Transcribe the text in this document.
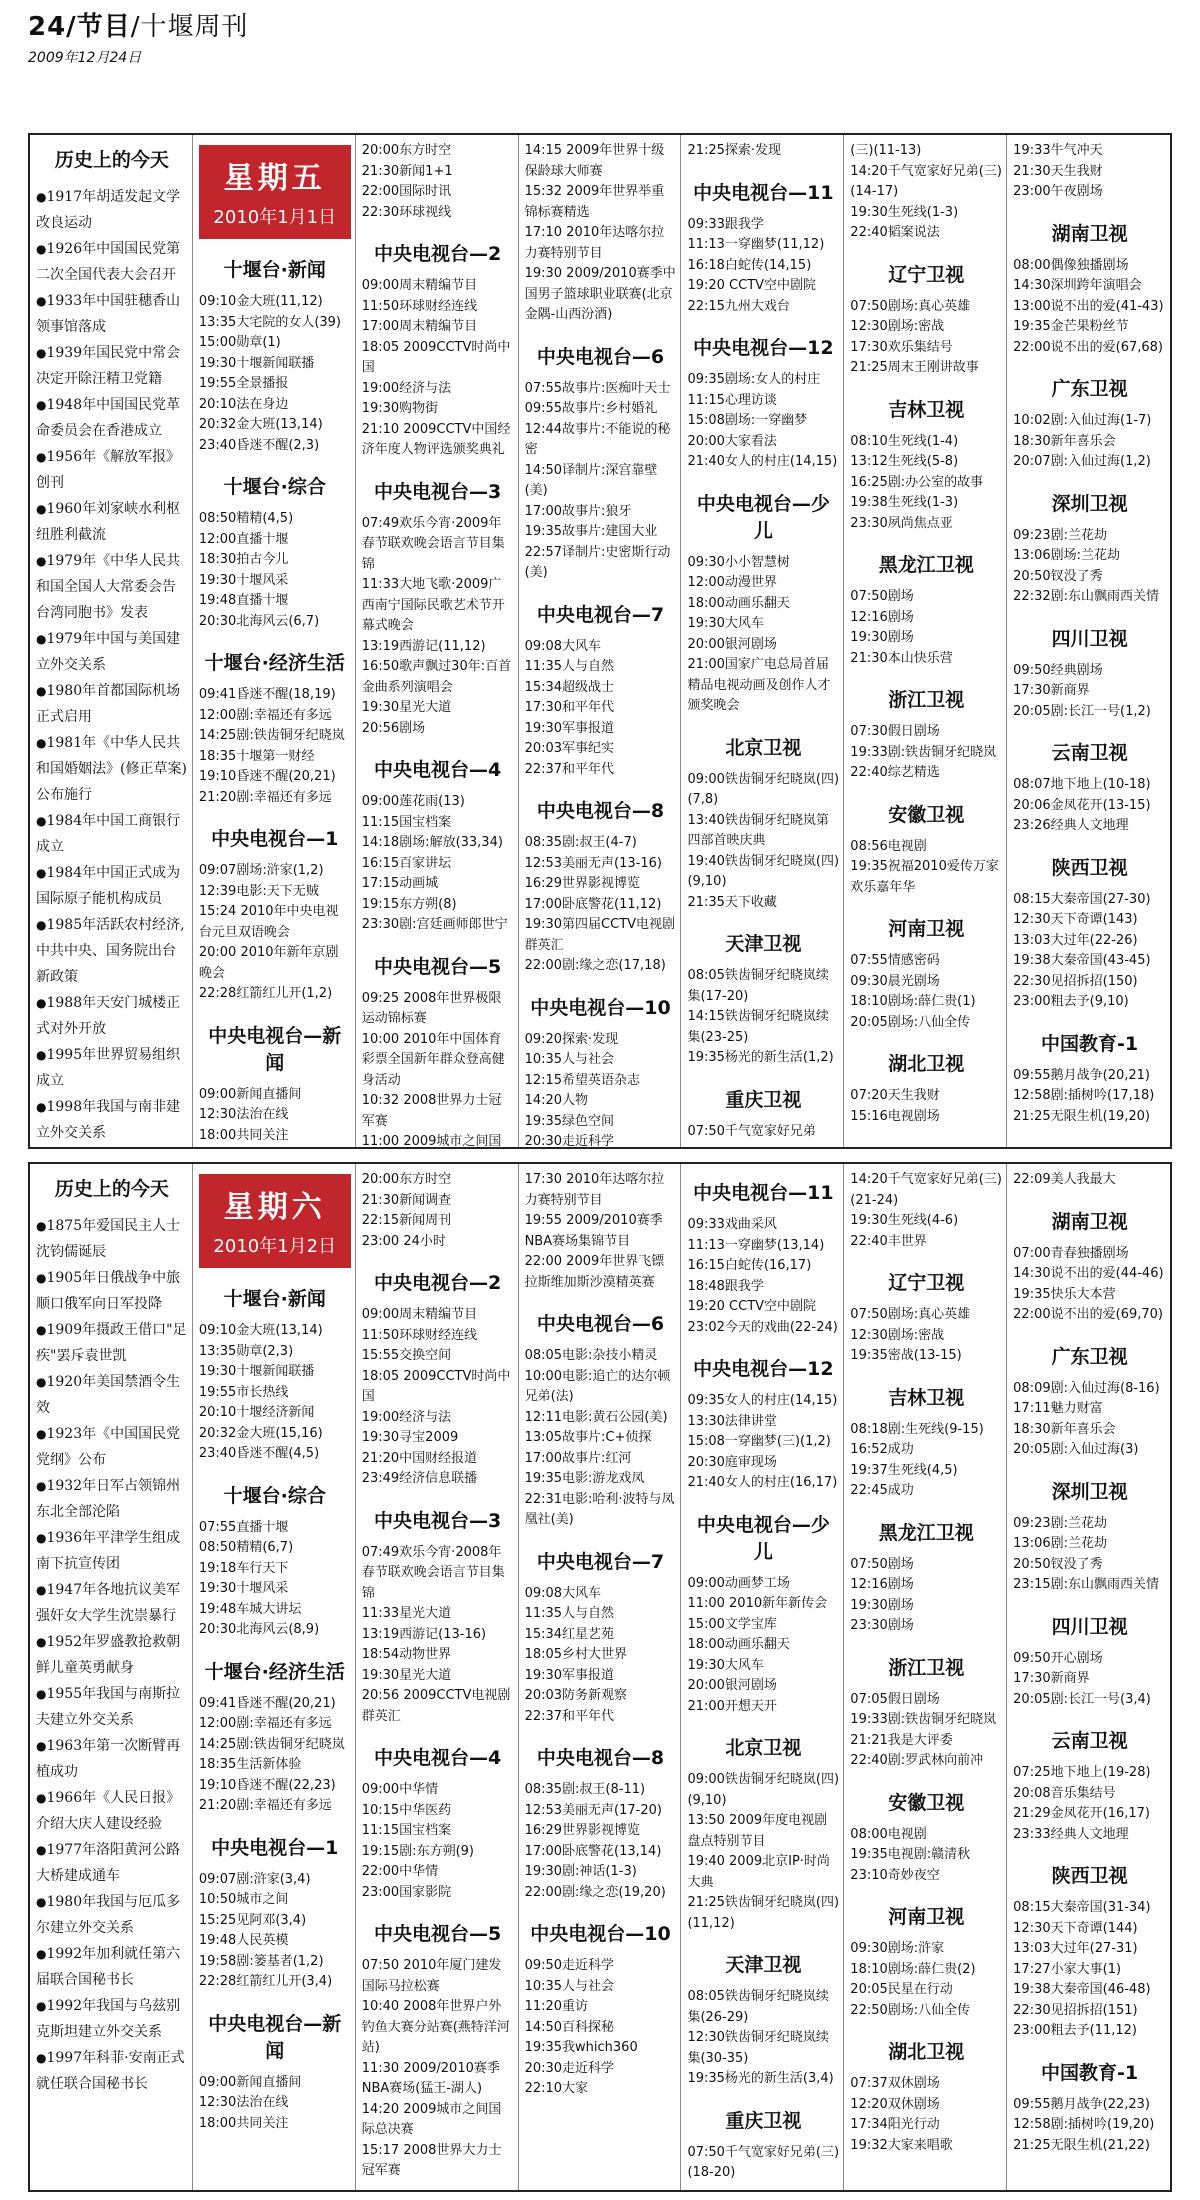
24/节目/十堰周刊
2009年12月24日
历史上的今天
●1917年胡适发起文学改良运动
●1926年中国国民党第二次全国代表大会召开
●1933年中国驻穗香山领事馆落成
●1939年国民党中常会决定开除汪精卫党籍
●1948年中国国民党革命委员会在香港成立
●1956年《解放军报》创刊
●1960年刘家峡水利枢纽胜利截流
●1979年《中华人民共和国全国人大常委会告台湾同胞书》发表
●1979年中国与美国建立外交关系
●1980年首都国际机场正式启用
●1981年《中华人民共和国婚姻法》(修正草案)公布施行
●1984年中国工商银行成立
●1984年中国正式成为国际原子能机构成员
●1985年活跃农村经济,中共中央、国务院出台新政策
●1988年天安门城楼正式对外开放
●1995年世界贸易组织成立
●1998年我国与南非建立外交关系
星期五
2010年1月1日
十堰台·新闻
09:10金大班(11,12)
13:35大宅院的女人(39)
15:00勋章(1)
19:30十堰新闻联播
19:55全景播报
20:10法在身边
20:32金大班(13,14)
23:40昏迷不醒(2,3)
十堰台·综合
08:50精精(4,5)
12:00直播十堰
18:30拍古今儿
19:30十堰风采
19:48直播十堰
20:30北海风云(6,7)
十堰台·经济生活
09:41昏迷不醒(18,19)
12:00剧:幸福还有多远
14:25剧:铁齿铜牙纪晓岚
18:35十堰第一财经
19:10昏迷不醒(20,21)
21:20剧:幸福还有多远
中央电视台—1
09:07剧场:浒家(1,2)
12:39电影:天下无贼
15:24 2010年中央电视台元旦双语晚会
20:00 2010年新年京剧晚会
22:28红箭红儿开(1,2)
中央电视台—新闻
09:00新闻直播间
12:30法治在线
18:00共同关注
20:00东方时空
21:30新闻1+1
22:00国际时讯
22:30环球视线
中央电视台—2
09:00周末精编节目
11:50环球财经连线
17:00周末精编节目
18:05 2009CCTV时尚中国
19:00经济与法
19:30购物街
21:10 2009CCTV中国经济年度人物评选颁奖典礼
中央电视台—3
07:49欢乐今宵·2009年春节联欢晚会语言节目集锦
11:33大地飞歌·2009广西南宁国际民歌艺术节开幕式晚会
13:19西游记(11,12)
16:50歌声飘过30年:百首金曲系列演唱会
19:30星光大道
20:56剧场
中央电视台—4
09:00莲花雨(13)
11:15国宝档案
14:18剧场:解放(33,34)
16:15百家讲坛
17:15动画城
19:15东方朔(8)
23:30剧:宫廷画师郎世宁
中央电视台—5
09:25 2008年世界极限运动锦标赛
10:00 2010年中国体育彩票全国新年群众登高健身活动
10:32 2008世界力士冠军赛
11:00 2009城市之间国
14:15 2009年世界十级保龄球大师赛
15:32 2009年世界举重锦标赛精选
17:10 2010年达喀尔拉力赛特别节目
19:30 2009/2010赛季中国男子篮球职业联赛(北京金隅-山西汾酒)
中央电视台—6
07:55故事片:医痴叶天士
09:55故事片:乡村婚礼
12:44故事片:不能说的秘密
14:50译制片:深宫靠壁(美)
17:00故事片:狼牙
19:35故事片:建国大业
22:57译制片:史密斯行动(美)
中央电视台—7
09:08大风车
11:35人与自然
15:34超级战士
17:30和平年代
19:30军事报道
20:03军事纪实
22:37和平年代
中央电视台—8
08:35剧:叔王(4-7)
12:53美丽无声(13-16)
16:29世界影视博览
17:00卧底警花(11,12)
19:30第四届CCTV电视剧群英汇
22:00剧:缘之恋(17,18)
中央电视台—10
09:20探索·发现
10:35人与社会
12:15希望英语杂志
14:20人物
19:35绿色空间
20:30走近科学
21:25探索·发现
中央电视台—11
09:33跟我学
11:13一穿幽梦(11,12)
16:18白蛇传(14,15)
19:20 CCTV空中剧院
22:15九州大戏台
中央电视台—12
09:35剧场:女人的村庄
11:15心理访谈
15:08剧场:一穿幽梦
20:00大家看法
21:40女人的村庄(14,15)
中央电视台—少儿
09:30小小智慧树
12:00动漫世界
18:00动画乐翻天
19:30大风车
20:00银河剧场
21:00国家广电总局首届精品电视动画及创作人才颁奖晚会
北京卫视
09:00铁齿铜牙纪晓岚(四)(7,8)
13:40铁齿铜牙纪晓岚第四部首映庆典
19:40铁齿铜牙纪晓岚(四)(9,10)
21:35天下收藏
天津卫视
08:05铁齿铜牙纪晓岚续集(17-20)
14:15铁齿铜牙纪晓岚续集(23-25)
19:35杨光的新生活(1,2)
重庆卫视
07:50千气宽家好兄弟
(三)(11-13)
14:20千气宽家好兄弟(三)(14-17)
19:30生死线(1-3)
22:40韬案说法
辽宁卫视
07:50剧场:真心英雄
12:30剧场:密战
17:30欢乐集结号
21:25周末王刚讲故事
吉林卫视
08:10生死线(1-4)
13:12生死线(5-8)
16:25剧:办公室的故事
19:38生死线(1-3)
23:30夙尚焦点亚
黑龙江卫视
07:50剧场
12:16剧场
19:30剧场
21:30本山快乐营
浙江卫视
07:30假日剧场
19:33剧:铁齿铜牙纪晓岚
22:40综艺精选
安徽卫视
08:56电视剧
19:35祝福2010爱传万家欢乐嘉年华
河南卫视
07:55情感密码
09:30晨光剧场
18:10剧场:薛仁贵(1)
20:05剧场:八仙全传
湖北卫视
07:20天生我财
15:16电视剧场
19:33牛气冲天
21:30天生我财
23:00午夜剧场
湖南卫视
08:00偶像独播剧场
14:30深圳跨年演唱会
13:00说不出的爱(41-43)
19:35金芒果粉丝节
22:00说不出的爱(67,68)
广东卫视
10:02剧:入仙过海(1-7)
18:30新年喜乐会
20:07剧:入仙过海(1,2)
深圳卫视
09:23剧:兰花劫
13:06剧场:兰花劫
20:50钗没了秀
22:32剧:东山飘雨西关情
四川卫视
09:50经典剧场
17:30新商界
20:05剧:长江一号(1,2)
云南卫视
08:07地下地上(10-18)
20:06金凤花开(13-15)
23:26经典人文地理
陕西卫视
08:15大秦帝国(27-30)
12:30天下奇谭(143)
13:03大过年(22-26)
19:38大秦帝国(43-45)
22:30见招拆招(150)
23:00粗去予(9,10)
中国教育-1
09:55鹅月战争(20,21)
12:58剧:插树吟(17,18)
21:25无限生机(19,20)
历史上的今天
●1875年爱国民主人士沈钧儒诞辰
●1905年日俄战争中旅顺口俄军向日军投降
●1909年摄政王借口"足疾"罢斥袁世凯
●1920年美国禁酒令生效
●1923年《中国国民党党纲》公布
●1932年日军占领锦州东北全部沦陷
●1936年平津学生组成南下抗宣传团
●1947年各地抗议美军强奸女大学生沈崇暴行
●1952年罗盛教抢救朝鲜儿童英勇献身
●1955年我国与南斯拉夫建立外交关系
●1963年第一次断臂再植成功
●1966年《人民日报》介绍大庆人建设经验
●1977年洛阳黄河公路大桥建成通车
●1980年我国与厄瓜多尔建立外交关系
●1992年加利就任第六届联合国秘书长
●1992年我国与乌兹别克斯坦建立外交关系
●1997年科菲·安南正式就任联合国秘书长
星期六
2010年1月2日
十堰台·新闻
09:10金大班(13,14)
13:35勋章(2,3)
19:30十堰新闻联播
19:55市长热线
20:10十堰经济新闻
20:32金大班(15,16)
23:40昏迷不醒(4,5)
十堰台·综合
07:55直播十堰
08:50精精(6,7)
19:18车行天下
19:30十堰风采
19:48车城大讲坛
20:30北海风云(8,9)
十堰台·经济生活
09:41昏迷不醒(20,21)
12:00剧:幸福还有多远
14:25剧:铁齿铜牙纪晓岚
18:35生活新体验
19:10昏迷不醒(22,23)
21:20剧:幸福还有多远
中央电视台—1
09:07剧:浒家(3,4)
10:50城市之间
15:25见阿邓(3,4)
19:48人民英模
19:58剧:篓基者(1,2)
22:28红箭红儿开(3,4)
中央电视台—新闻
09:00新闻直播间
12:30法治在线
18:00共同关注
20:00东方时空
21:30新闻调查
22:15新闻周刊
23:00 24小时
中央电视台—2
09:00周末精编节目
11:50环球财经连线
15:55交换空间
18:05 2009CCTV时尚中国
19:00经济与法
19:30寻宝2009
21:20中国财经报道
23:49经济信息联播
中央电视台—3
07:49欢乐今宵·2008年春节联欢晚会语言节目集锦
11:33星光大道
13:19西游记(13-16)
18:54动物世界
19:30星光大道
20:56 2009CCTV电视剧群英汇
中央电视台—4
09:00中华情
10:15中华医药
11:15国宝档案
19:15剧:东方朔(9)
22:00中华情
23:00国家影院
中央电视台—5
07:50 2010年厦门建发国际马拉松赛
10:40 2008年世界户外钓鱼大赛分站赛(燕特洋河站)
11:30 2009/2010赛季NBA赛场(猛王-湖人)
14:20 2009城市之间国际总决赛
15:17 2008世界大力士冠军赛
17:30 2010年达喀尔拉力赛特别节目
19:55 2009/2010赛季NBA赛场集锦节目
22:00 2009年世界飞镖拉斯维加斯沙漠精英赛
中央电视台—6
08:05电影:杂技小精灵
10:00电影:追亡的达尔顿兄弟(法)
12:11电影:黄石公园(美)
13:05故事片:C+侦探
17:00故事片:红河
19:35电影:游龙戏凤
22:31电影:哈利·波特与凤凰社(美)
中央电视台—7
09:08大风车
11:35人与自然
15:34红星艺苑
18:05乡村大世界
19:30军事报道
20:03防务新观察
22:37和平年代
中央电视台—8
08:35剧:叔王(8-11)
12:53美丽无声(17-20)
16:29世界影视博览
17:00卧底警花(13,14)
19:30剧:神话(1-3)
22:00剧:缘之恋(19,20)
中央电视台—10
09:50走近科学
10:35人与社会
11:20重访
14:50百科探秘
19:35我which360
20:30走近科学
22:10大家
中央电视台—11
09:33戏曲采风
11:13一穿幽梦(13,14)
16:15白蛇传(16,17)
18:48跟我学
19:20 CCTV空中剧院
23:02今天的戏曲(22-24)
中央电视台—12
09:35女人的村庄(14,15)
13:30法律讲堂
15:08一穿幽梦(三)(1,2)
20:30庭审现场
21:40女人的村庄(16,17)
中央电视台—少儿
09:00动画梦工场
11:00 2010新年新传会
15:00文学宝库
18:00动画乐翻天
19:30大风车
20:00银河剧场
21:00开想天开
北京卫视
09:00铁齿铜牙纪晓岚(四)(9,10)
13:50 2009年度电视剧盘点特别节目
19:40 2009北京IP·时尚大典
21:25铁齿铜牙纪晓岚(四)(11,12)
天津卫视
08:05铁齿铜牙纪晓岚续集(26-29)
12:30铁齿铜牙纪晓岚续集(30-35)
19:35杨光的新生活(3,4)
重庆卫视
07:50千气宽家好兄弟(三)(18-20)
14:20千气宽家好兄弟(三)(21-24)
19:30生死线(4-6)
22:40丰世界
辽宁卫视
07:50剧场:真心英雄
12:30剧场:密战
19:35密战(13-15)
吉林卫视
08:18剧:生死线(9-15)
16:52成功
19:37生死线(4,5)
22:45成功
黑龙江卫视
07:50剧场
12:16剧场
19:30剧场
23:30剧场
浙江卫视
07:05假日剧场
19:33剧:铁齿铜牙纪晓岚
21:21我是大评委
22:40剧:罗武林向前冲
安徽卫视
08:00电视剧
19:35电视剧:赣清秋
23:10奇妙夜空
河南卫视
09:30剧场:浒家
18:10剧场:薛仁贵(2)
20:05民星在行动
22:50剧场:八仙全传
湖北卫视
07:37双休剧场
12:20双休剧场
17:34阳光行动
19:32大家来唱歌
22:09美人我最大
湖南卫视
07:00青春独播剧场
14:30说不出的爱(44-46)
19:35快乐大本营
22:00说不出的爱(69,70)
广东卫视
08:09剧:入仙过海(8-16)
17:11魅力财富
18:30新年喜乐会
20:05剧:入仙过海(3)
深圳卫视
09:23剧:兰花劫
13:06剧:兰花劫
20:50钗没了秀
23:15剧:东山飘雨西关情
四川卫视
09:50开心剧场
17:30新商界
20:05剧:长江一号(3,4)
云南卫视
07:25地下地上(19-28)
20:08音乐集结号
21:29金凤花开(16,17)
23:33经典人文地理
陕西卫视
08:15大秦帝国(31-34)
12:30天下奇谭(144)
13:03大过年(27-31)
17:27小家大事(1)
19:38大秦帝国(46-48)
22:30见招拆招(151)
23:00粗去予(11,12)
中国教育-1
09:55鹅月战争(22,23)
12:58剧:插树吟(19,20)
21:25无限生机(21,22)
